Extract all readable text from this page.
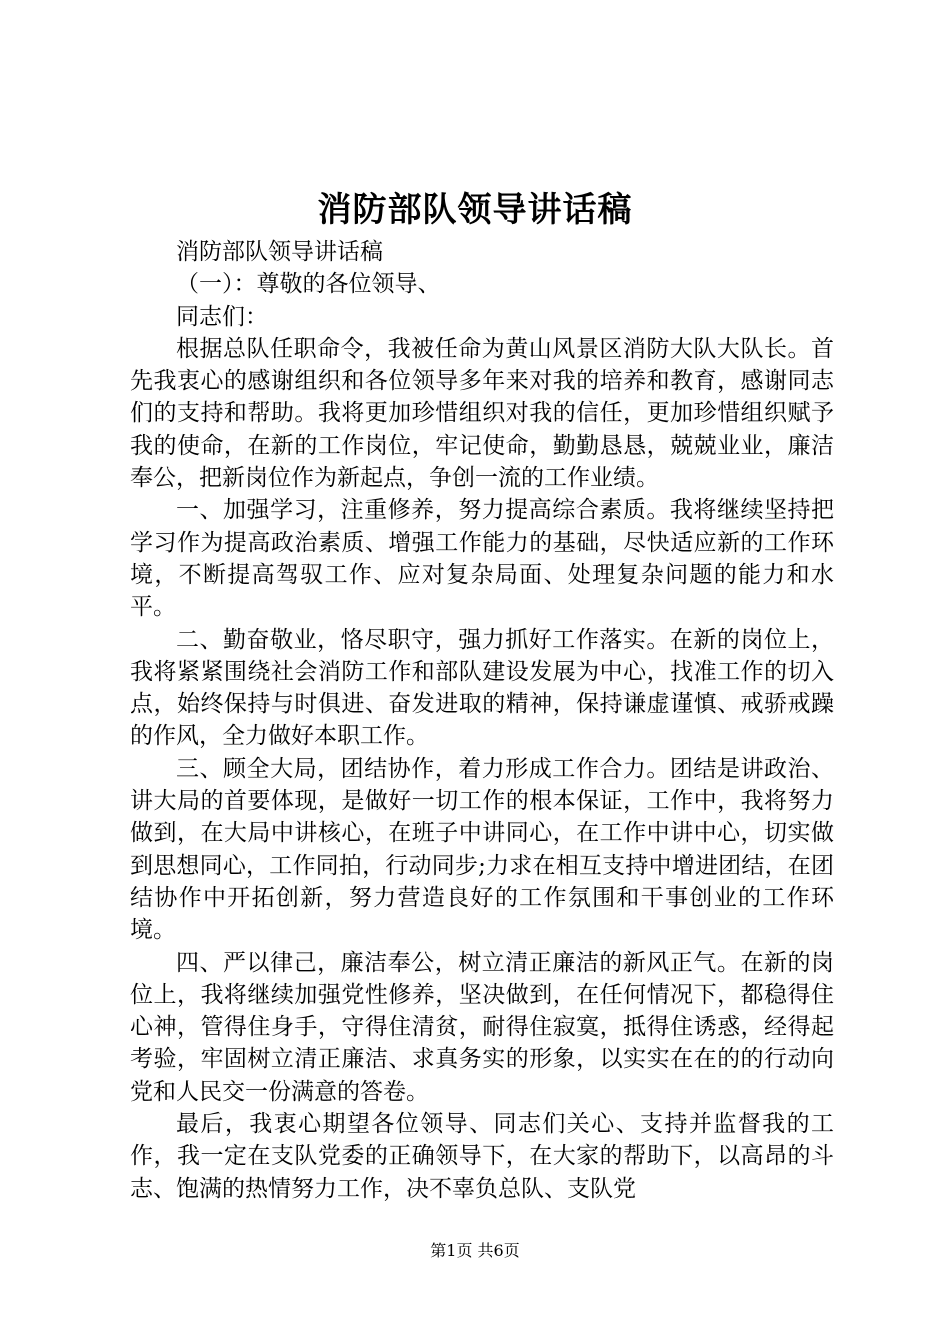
消防部队领导讲话稿

消防部队领导讲话稿

（一）：尊敬的各位领导、

同志们：

根据总队任职命令，我被任命为黄山风景区消防大队大队长。首先我衷心的感谢组织和各位领导多年来对我的培养和教育，感谢同志们的支持和帮助。我将更加珍惜组织对我的信任，更加珍惜组织赋予我的使命，在新的工作岗位，牢记使命，勤勤恳恳，兢兢业业，廉洁奉公，把新岗位作为新起点，争创一流的工作业绩。

一、加强学习，注重修养，努力提高综合素质。我将继续坚持把学习作为提高政治素质、增强工作能力的基础，尽快适应新的工作环境，不断提高驾驭工作、应对复杂局面、处理复杂问题的能力和水平。

二、勤奋敬业，恪尽职守，强力抓好工作落实。在新的岗位上，我将紧紧围绕社会消防工作和部队建设发展为中心，找准工作的切入点，始终保持与时俱进、奋发进取的精神，保持谦虚谨慎、戒骄戒躁的作风，全力做好本职工作。

三、顾全大局，团结协作，着力形成工作合力。团结是讲政治、讲大局的首要体现，是做好一切工作的根本保证，工作中，我将努力做到，在大局中讲核心，在班子中讲同心，在工作中讲中心，切实做到思想同心，工作同拍，行动同步;力求在相互支持中增进团结，在团结协作中开拓创新，努力营造良好的工作氛围和干事创业的工作环境。

四、严以律己，廉洁奉公，树立清正廉洁的新风正气。在新的岗位上，我将继续加强党性修养，坚决做到，在任何情况下，都稳得住心神，管得住身手，守得住清贫，耐得住寂寞，抵得住诱惑，经得起考验，牢固树立清正廉洁、求真务实的形象，以实实在在的的行动向党和人民交一份满意的答卷。

最后，我衷心期望各位领导、同志们关心、支持并监督我的工作，我一定在支队党委的正确领导下，在大家的帮助下，以高昂的斗志、饱满的热情努力工作，决不辜负总队、支队党

第1页 共6页
